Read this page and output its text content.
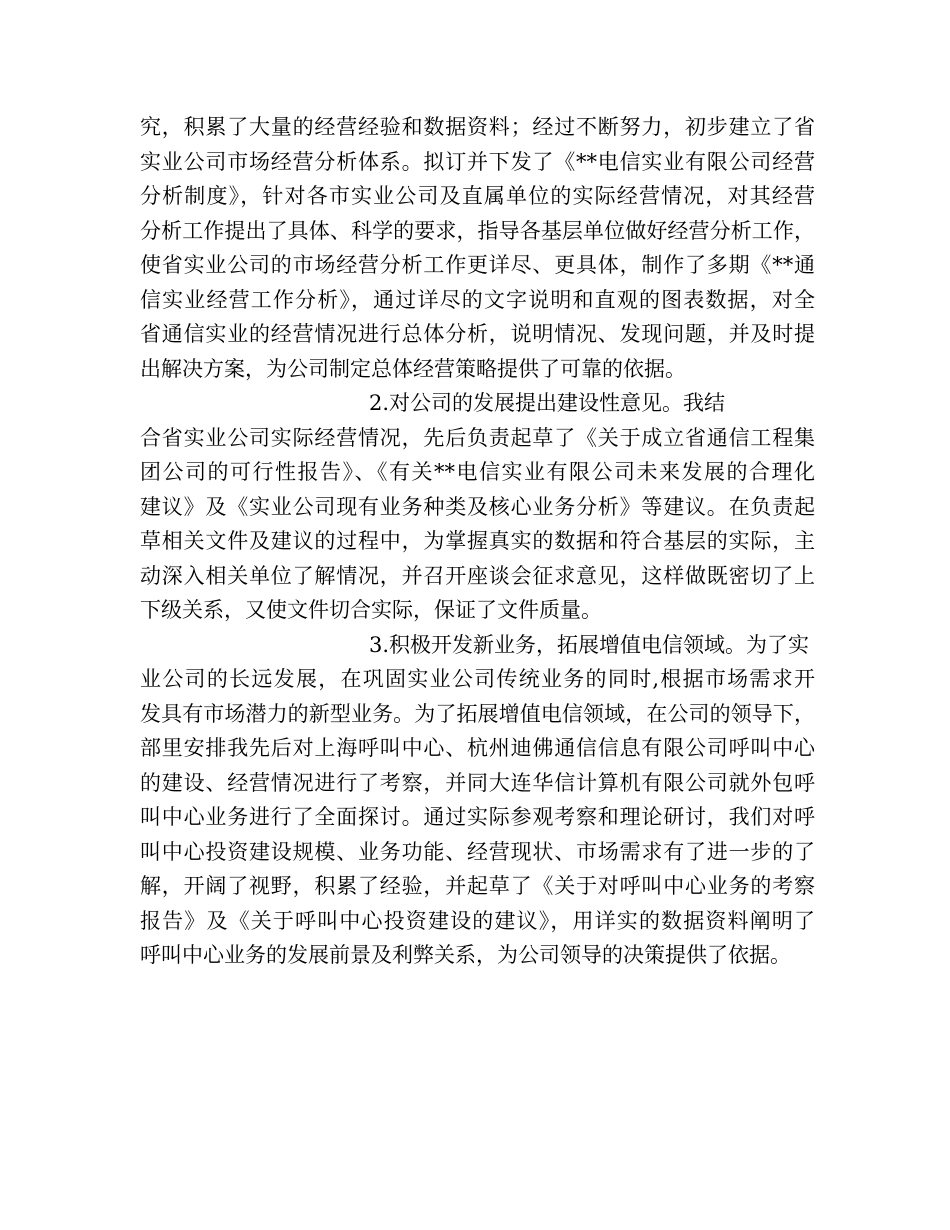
究，积累了大量的经营经验和数据资料；经过不断努力，初步建立了省
实业公司市场经营分析体系。拟订并下发了《**电信实业有限公司经营
分析制度》，针对各市实业公司及直属单位的实际经营情况，对其经营
分析工作提出了具体、科学的要求，指导各基层单位做好经营分析工作，
使省实业公司的市场经营分析工作更详尽、更具体，制作了多期《**通
信实业经营工作分析》，通过详尽的文字说明和直观的图表数据，对全
省通信实业的经营情况进行总体分析，说明情况、发现问题，并及时提
出解决方案，为公司制定总体经营策略提供了可靠的依据。
2.对公司的发展提出建设性意见。我结
合省实业公司实际经营情况，先后负责起草了《关于成立省通信工程集
团公司的可行性报告》、《有关**电信实业有限公司未来发展的合理化
建议》及《实业公司现有业务种类及核心业务分析》等建议。在负责起
草相关文件及建议的过程中，为掌握真实的数据和符合基层的实际，主
动深入相关单位了解情况，并召开座谈会征求意见，这样做既密切了上
下级关系，又使文件切合实际，保证了文件质量。
3.积极开发新业务，拓展增值电信领域。为了实
业公司的长远发展，在巩固实业公司传统业务的同时,根据市场需求开
发具有市场潜力的新型业务。为了拓展增值电信领域，在公司的领导下，
部里安排我先后对上海呼叫中心、杭州迪佛通信信息有限公司呼叫中心
的建设、经营情况进行了考察，并同大连华信计算机有限公司就外包呼
叫中心业务进行了全面探讨。通过实际参观考察和理论研讨，我们对呼
叫中心投资建设规模、业务功能、经营现状、市场需求有了进一步的了
解，开阔了视野，积累了经验，并起草了《关于对呼叫中心业务的考察
报告》及《关于呼叫中心投资建设的建议》，用详实的数据资料阐明了
呼叫中心业务的发展前景及利弊关系，为公司领导的决策提供了依据。
